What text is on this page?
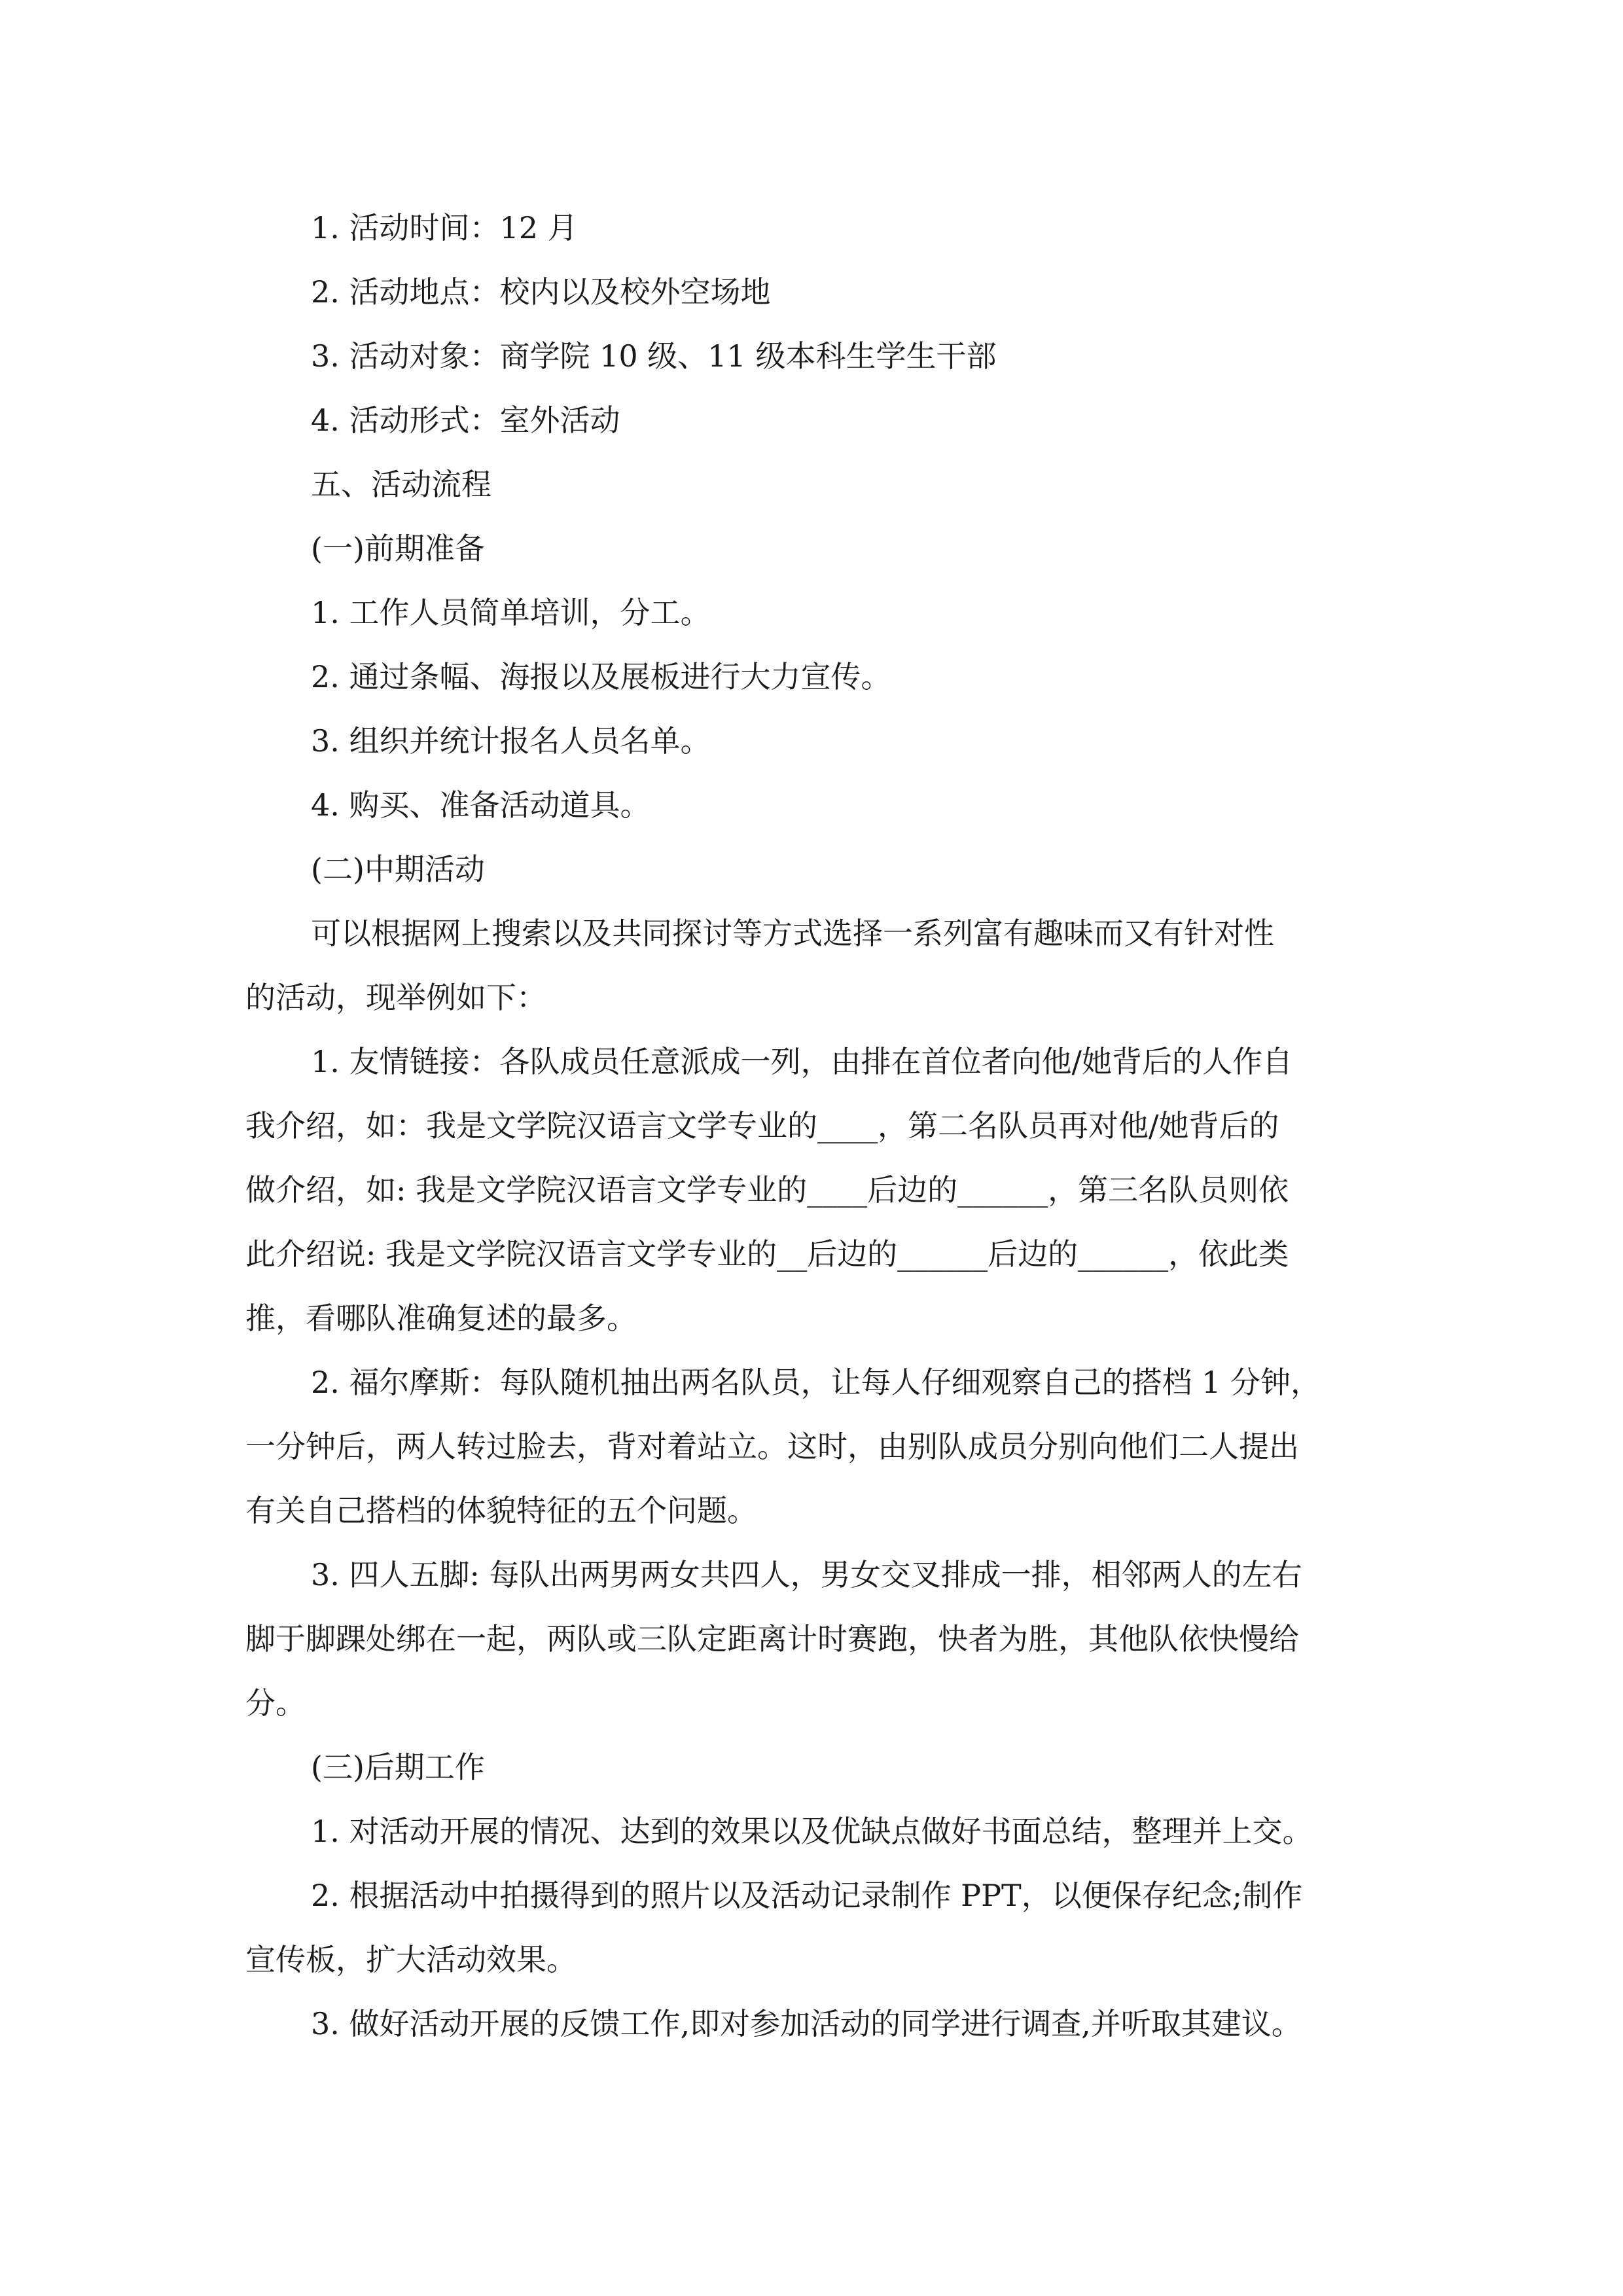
1. 活动时间：12 月
2. 活动地点：校内以及校外空场地
3. 活动对象：商学院 10 级、11 级本科生学生干部
4. 活动形式：室外活动
五、活动流程
(一)前期准备
1. 工作人员简单培训，分工。
2. 通过条幅、海报以及展板进行大力宣传。
3. 组织并统计报名人员名单。
4. 购买、准备活动道具。
(二)中期活动
可以根据网上搜索以及共同探讨等方式选择一系列富有趣味而又有针对性
的活动，现举例如下：
1. 友情链接：各队成员任意派成一列，由排在首位者向他/她背后的人作自
我介绍，如：我是文学院汉语言文学专业的____，第二名队员再对他/她背后的
做介绍，如: 我是文学院汉语言文学专业的____后边的______，第三名队员则依
此介绍说: 我是文学院汉语言文学专业的__后边的______后边的______，依此类
推，看哪队准确复述的最多。
2. 福尔摩斯：每队随机抽出两名队员，让每人仔细观察自己的搭档 1 分钟，
一分钟后，两人转过脸去，背对着站立。这时，由别队成员分别向他们二人提出
有关自己搭档的体貌特征的五个问题。
3. 四人五脚: 每队出两男两女共四人，男女交叉排成一排，相邻两人的左右
脚于脚踝处绑在一起，两队或三队定距离计时赛跑，快者为胜，其他队依快慢给
分。
(三)后期工作
1. 对活动开展的情况、达到的效果以及优缺点做好书面总结，整理并上交。
2. 根据活动中拍摄得到的照片以及活动记录制作 PPT，以便保存纪念;制作
宣传板，扩大活动效果。
3. 做好活动开展的反馈工作,即对参加活动的同学进行调查,并听取其建议。
